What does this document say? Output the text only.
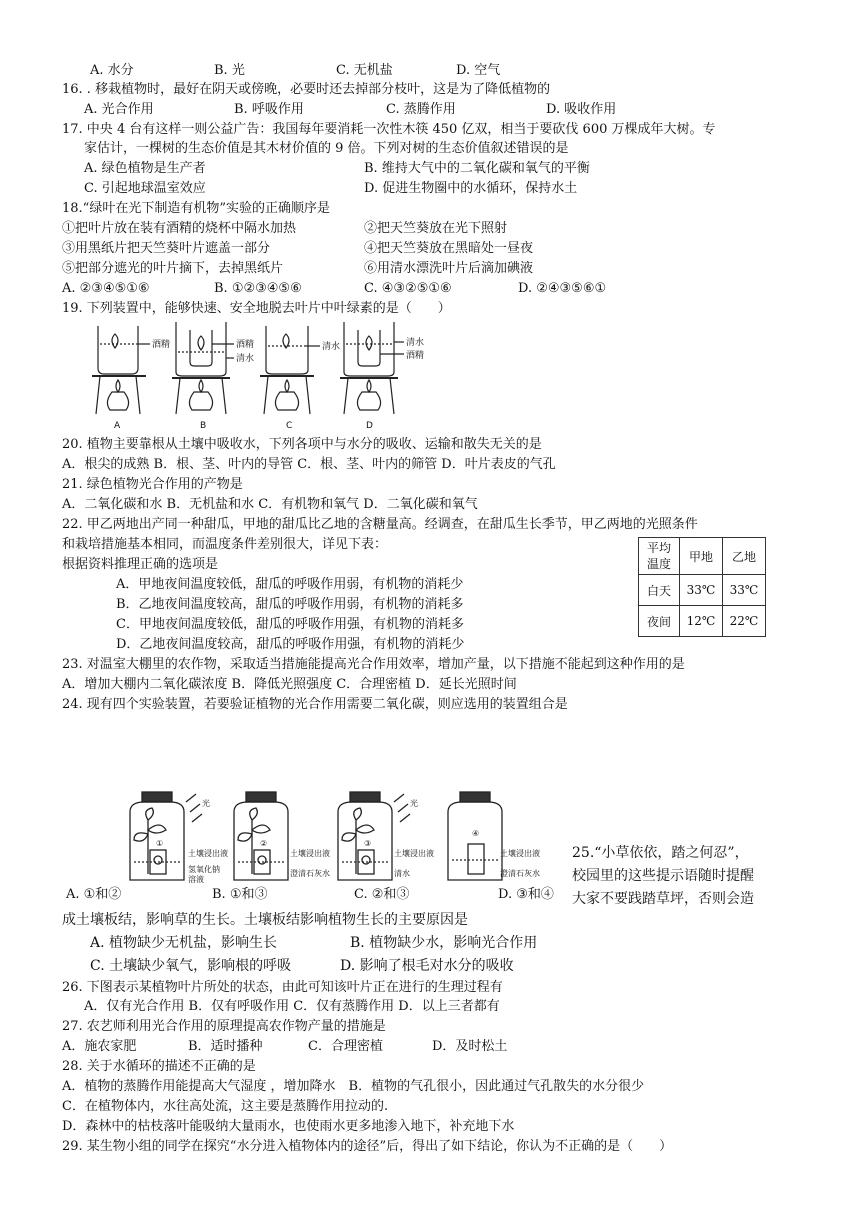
A. 水分	B. 光	C. 无机盐	D. 空气
16. . 移栽植物时，最好在阴天或傍晚，必要时还去掉部分枝叶，这是为了降低植物的
A. 光合作用	B. 呼吸作用	C. 蒸腾作用	D. 吸收作用
17. 中央 4 台有这样一则公益广告：我国每年要消耗一次性木筷 450 亿双，相当于要砍伐 600 万棵成年大树。专
家估计，一棵树的生态价值是其木材价值的 9 倍。下列对树的生态价值叙述错误的是
A. 绿色植物是生产者	B. 维持大气中的二氧化碳和氧气的平衡
C. 引起地球温室效应	D. 促进生物圈中的水循环，保持水土
18.“绿叶在光下制造有机物”实验的正确顺序是
①把叶片放在装有酒精的烧杯中隔水加热	②把天竺葵放在光下照射
③用黑纸片把天竺葵叶片遮盖一部分	④把天竺葵放在黑暗处一昼夜
⑤把部分遮光的叶片摘下，去掉黑纸片	⑥用清水漂洗叶片后滴加碘液
A. ②③④⑤①⑥	B. ①②③④⑤⑥	C. ④③②⑤①⑥	D. ②④③⑤⑥①
19. 下列装置中，能够快速、安全地脱去叶片中叶绿素的是（　　）
酒精	酒精
清水
清水	清水
酒精
A	B	C	D
20. 植物主要靠根从土壤中吸收水，下列各项中与水分的吸收、运输和散失无关的是
A．根尖的成熟 B．根、茎、叶内的导管 C．根、茎、叶内的筛管 D．叶片表皮的气孔
21. 绿色植物光合作用的产物是
A．二氧化碳和水 B．无机盐和水 C．有机物和氧气 D．二氧化碳和氧气
22. 甲乙两地出产同一种甜瓜，甲地的甜瓜比乙地的含糖量高。经调查，在甜瓜生长季节，甲乙两地的光照条件
和栽培措施基本相同，而温度条件差别很大，详见下表：
根据资料推理正确的选项是
A．甲地夜间温度较低，甜瓜的呼吸作用弱，有机物的消耗少
B．乙地夜间温度较高，甜瓜的呼吸作用弱，有机物的消耗多
C．甲地夜间温度较低，甜瓜的呼吸作用强，有机物的消耗多
D．乙地夜间温度较高，甜瓜的呼吸作用强，有机物的消耗少
平均
温度	甲地	乙地
白天	33℃	33℃
夜间	12℃	22℃
23. 对温室大棚里的农作物，采取适当措施能提高光合作用效率，增加产量，以下措施不能起到这种作用的是
A．增加大棚内二氧化碳浓度 B．降低光照强度 C．合理密植 D．延长光照时间
24. 现有四个实验装置，若要验证植物的光合作用需要二氧化碳，则应选用的装置组合是
光	光
①	②	③
④
土壤浸出液
氢氧化钠
溶液
土壤浸出液
澄清石灰水
土壤浸出液
清水
土壤浸出液
澄清石灰水
A. ①和②	B. ①和③	C. ②和③	D. ③和④
25.“小草依依，踏之何忍”，
校园里的这些提示语随时提醒
大家不要践踏草坪，否则会造
成土壤板结，影响草的生长。土壤板结影响植物生长的主要原因是
A. 植物缺少无机盐，影响生长	B. 植物缺少水，影响光合作用
C. 土壤缺少氧气，影响根的呼吸	D. 影响了根毛对水分的吸收
26. 下图表示某植物叶片所处的状态，由此可知该叶片正在进行的生理过程有
A．仅有光合作用 B．仅有呼吸作用 C．仅有蒸腾作用 D．以上三者都有
27. 农艺师利用光合作用的原理提高农作物产量的措施是
A．施农家肥	B．适时播种	C．合理密植	D．及时松土
28. 关于水循环的描述不正确的是
A．植物的蒸腾作用能提高大气湿度 ，增加降水　B．植物的气孔很小，因此通过气孔散失的水分很少
C．在植物体内，水往高处流，这主要是蒸腾作用拉动的.
D．森林中的枯枝落叶能吸纳大量雨水，也使雨水更多地渗入地下，补充地下水
29. 某生物小组的同学在探究“水分进入植物体内的途径”后，得出了如下结论，你认为不正确的是（　　）
